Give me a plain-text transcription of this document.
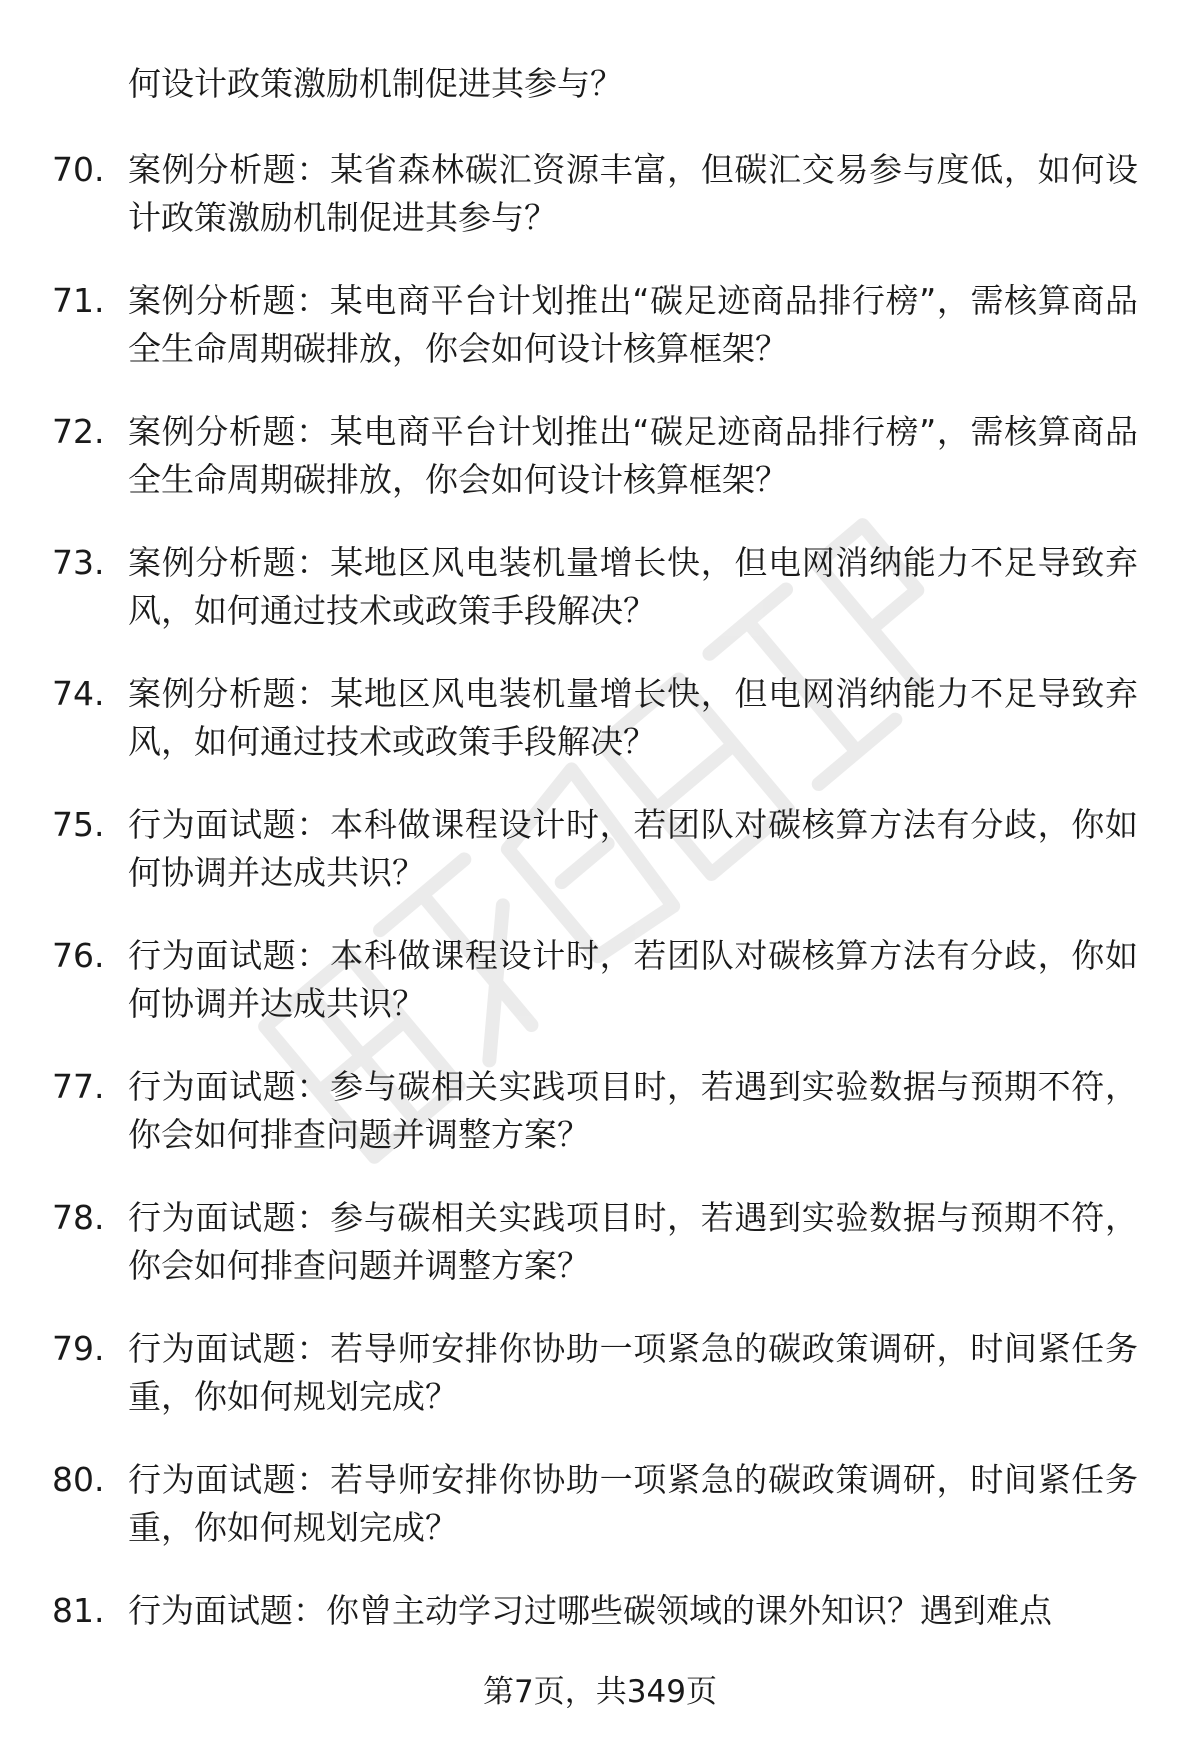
何设计政策激励机制促进其参与？
70. 案例分析题：某省森林碳汇资源丰富，但碳汇交易参与度低，如何设计政策激励机制促进其参与？
71. 案例分析题：某电商平台计划推出“碳足迹商品排行榜”，需核算商品全生命周期碳排放，你会如何设计核算框架？
72. 案例分析题：某电商平台计划推出“碳足迹商品排行榜”，需核算商品全生命周期碳排放，你会如何设计核算框架？
73. 案例分析题：某地区风电装机量增长快，但电网消纳能力不足导致弃风，如何通过技术或政策手段解决？
74. 案例分析题：某地区风电装机量增长快，但电网消纳能力不足导致弃风，如何通过技术或政策手段解决？
75. 行为面试题：本科做课程设计时，若团队对碳核算方法有分歧，你如何协调并达成共识？
76. 行为面试题：本科做课程设计时，若团队对碳核算方法有分歧，你如何协调并达成共识？
77. 行为面试题：参与碳相关实践项目时，若遇到实验数据与预期不符，你会如何排查问题并调整方案？
78. 行为面试题：参与碳相关实践项目时，若遇到实验数据与预期不符，你会如何排查问题并调整方案？
79. 行为面试题：若导师安排你协助一项紧急的碳政策调研，时间紧任务重，你如何规划完成？
80. 行为面试题：若导师安排你协助一项紧急的碳政策调研，时间紧任务重，你如何规划完成？
81. 行为面试题：你曾主动学习过哪些碳领域的课外知识？遇到难点
第7页，共349页
